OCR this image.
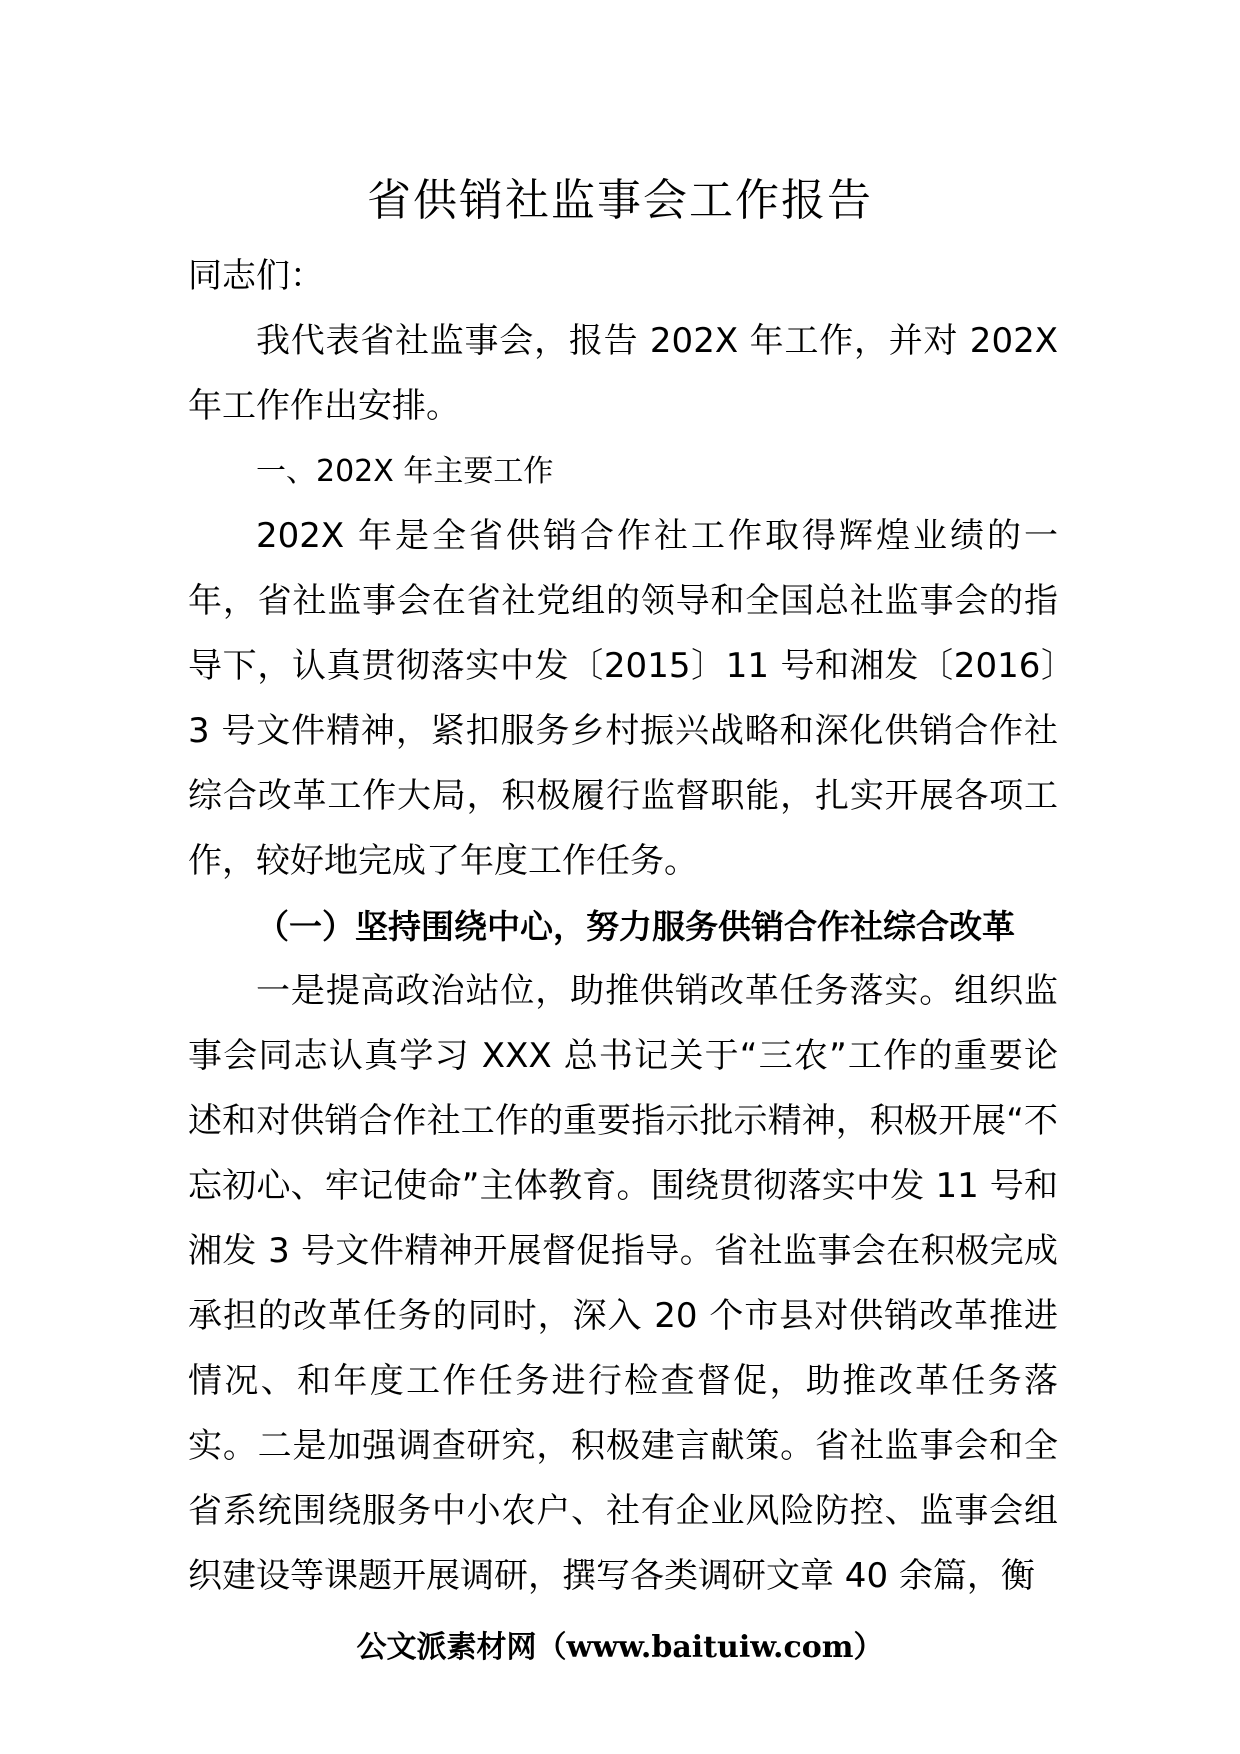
省供销社监事会工作报告

同志们：

我代表省社监事会，报告 202X 年工作，并对 202X 年工作作出安排。

一、202X 年主要工作

202X 年是全省供销合作社工作取得辉煌业绩的一年，省社监事会在省社党组的领导和全国总社监事会的指导下，认真贯彻落实中发〔2015〕11 号和湘发〔2016〕3 号文件精神，紧扣服务乡村振兴战略和深化供销合作社综合改革工作大局，积极履行监督职能，扎实开展各项工作，较好地完成了年度工作任务。

（一）坚持围绕中心，努力服务供销合作社综合改革

一是提高政治站位，助推供销改革任务落实。组织监事会同志认真学习 XXX 总书记关于“三农”工作的重要论述和对供销合作社工作的重要指示批示精神，积极开展“不忘初心、牢记使命”主体教育。围绕贯彻落实中发 11 号和湘发 3 号文件精神开展督促指导。省社监事会在积极完成承担的改革任务的同时，深入 20 个市县对供销改革推进情况、和年度工作任务进行检查督促，助推改革任务落实。二是加强调查研究，积极建言献策。省社监事会和全省系统围绕服务中小农户、社有企业风险防控、监事会组织建设等课题开展调研，撰写各类调研文章 40 余篇，衡

公文派素材网（www.baituiw.com）
